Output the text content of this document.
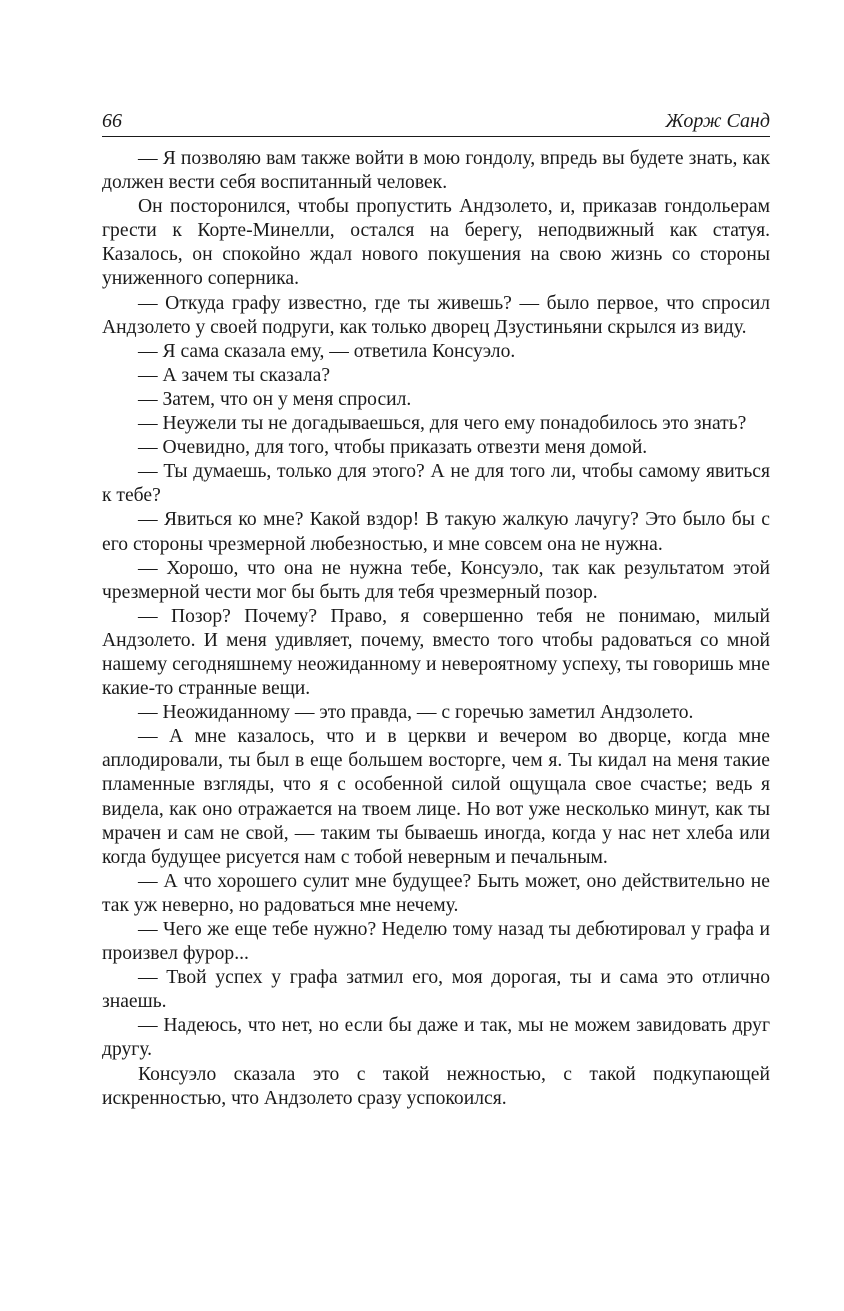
66	Жорж Санд

— Я позволяю вам также войти в мою гондолу, впредь вы будете знать, как должен вести себя воспитанный человек.

Он посторонился, чтобы пропустить Андзолето, и, приказав гондольерам грести к Корте-Минелли, остался на берегу, неподвижный как статуя. Казалось, он спокойно ждал нового покушения на свою жизнь со стороны униженного соперника.

— Откуда графу известно, где ты живешь? — было первое, что спросил Андзолето у своей подруги, как только дворец Дзустиньяни скрылся из виду.

— Я сама сказала ему, — ответила Консуэло.

— А зачем ты сказала?

— Затем, что он у меня спросил.

— Неужели ты не догадываешься, для чего ему понадобилось это знать?

— Очевидно, для того, чтобы приказать отвезти меня домой.

— Ты думаешь, только для этого? А не для того ли, чтобы самому явиться к тебе?

— Явиться ко мне? Какой вздор! В такую жалкую лачугу? Это было бы с его стороны чрезмерной любезностью, и мне совсем она не нужна.

— Хорошо, что она не нужна тебе, Консуэло, так как результатом этой чрезмерной чести мог бы быть для тебя чрезмерный позор.

— Позор? Почему? Право, я совершенно тебя не понимаю, милый Андзолето. И меня удивляет, почему, вместо того чтобы радоваться со мной нашему сегодняшнему неожиданному и невероятному успеху, ты говоришь мне какие-то странные вещи.

— Неожиданному — это правда, — с горечью заметил Андзолето.

— А мне казалось, что и в церкви и вечером во дворце, когда мне аплодировали, ты был в еще большем восторге, чем я. Ты кидал на меня такие пламенные взгляды, что я с особенной силой ощущала свое счастье; ведь я видела, как оно отражается на твоем лице. Но вот уже несколько минут, как ты мрачен и сам не свой, — таким ты бываешь иногда, когда у нас нет хлеба или когда будущее рисуется нам с тобой неверным и печальным.

— А что хорошего сулит мне будущее? Быть может, оно действительно не так уж неверно, но радоваться мне нечему.

— Чего же еще тебе нужно? Неделю тому назад ты дебютировал у графа и произвел фурор...

— Твой успех у графа затмил его, моя дорогая, ты и сама это отлично знаешь.

— Надеюсь, что нет, но если бы даже и так, мы не можем завидовать друг другу.

Консуэло сказала это с такой нежностью, с такой подкупающей искренностью, что Андзолето сразу успокоился.
